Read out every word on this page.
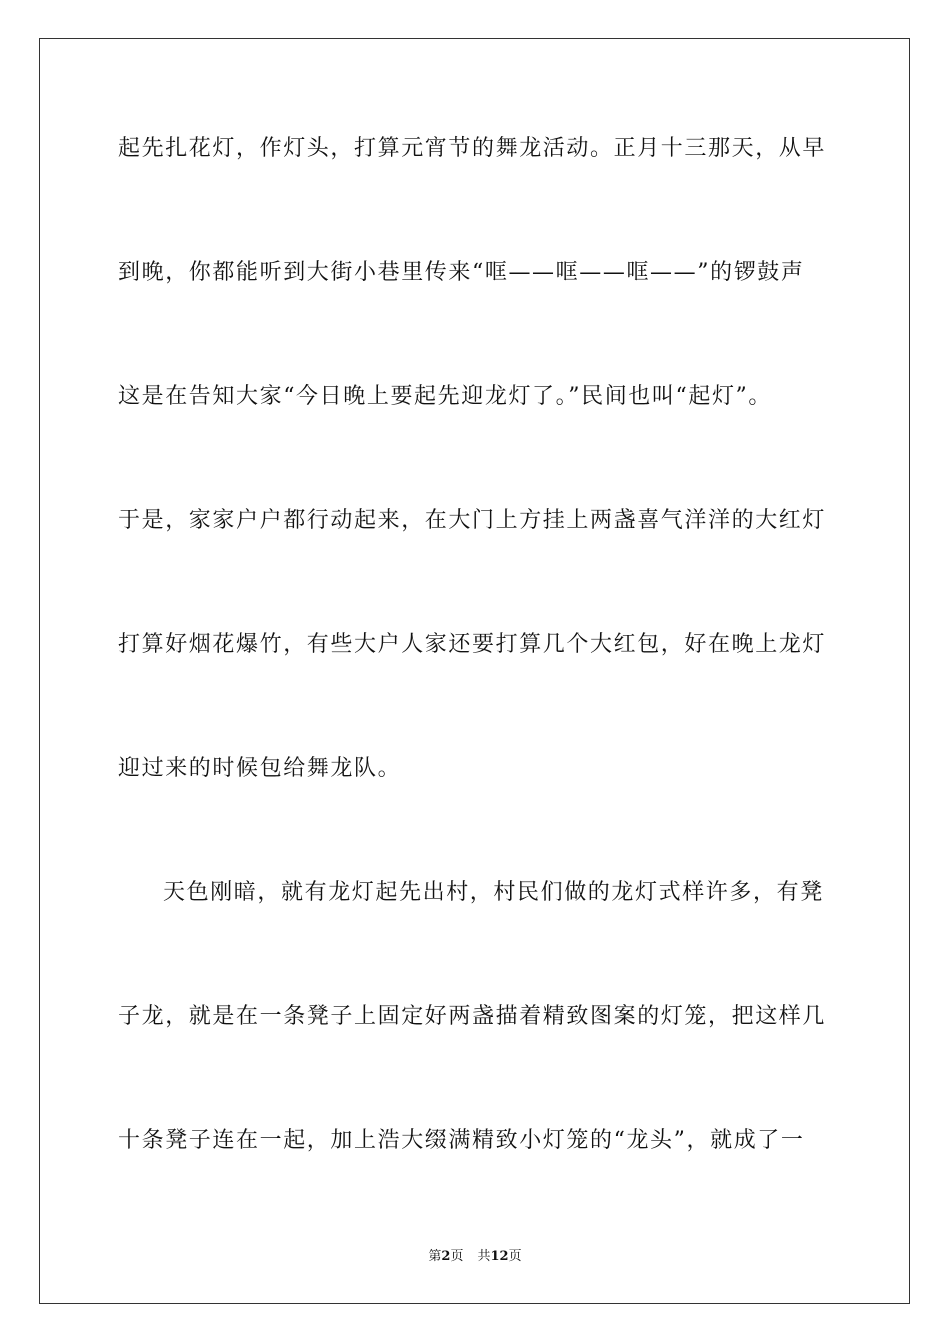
起先扎花灯，作灯头，打算元宵节的舞龙活动。正月十三那天，从早
到晚，你都能听到大街小巷里传来“哐——哐——哐——”的锣鼓声
这是在告知大家“今日晚上要起先迎龙灯了。”民间也叫“起灯”。
于是，家家户户都行动起来，在大门上方挂上两盏喜气洋洋的大红灯
打算好烟花爆竹，有些大户人家还要打算几个大红包，好在晚上龙灯
迎过来的时候包给舞龙队。
天色刚暗，就有龙灯起先出村，村民们做的龙灯式样许多，有凳
子龙，就是在一条凳子上固定好两盏描着精致图案的灯笼，把这样几
十条凳子连在一起，加上浩大缀满精致小灯笼的“龙头”，就成了一
第2页 共12页
